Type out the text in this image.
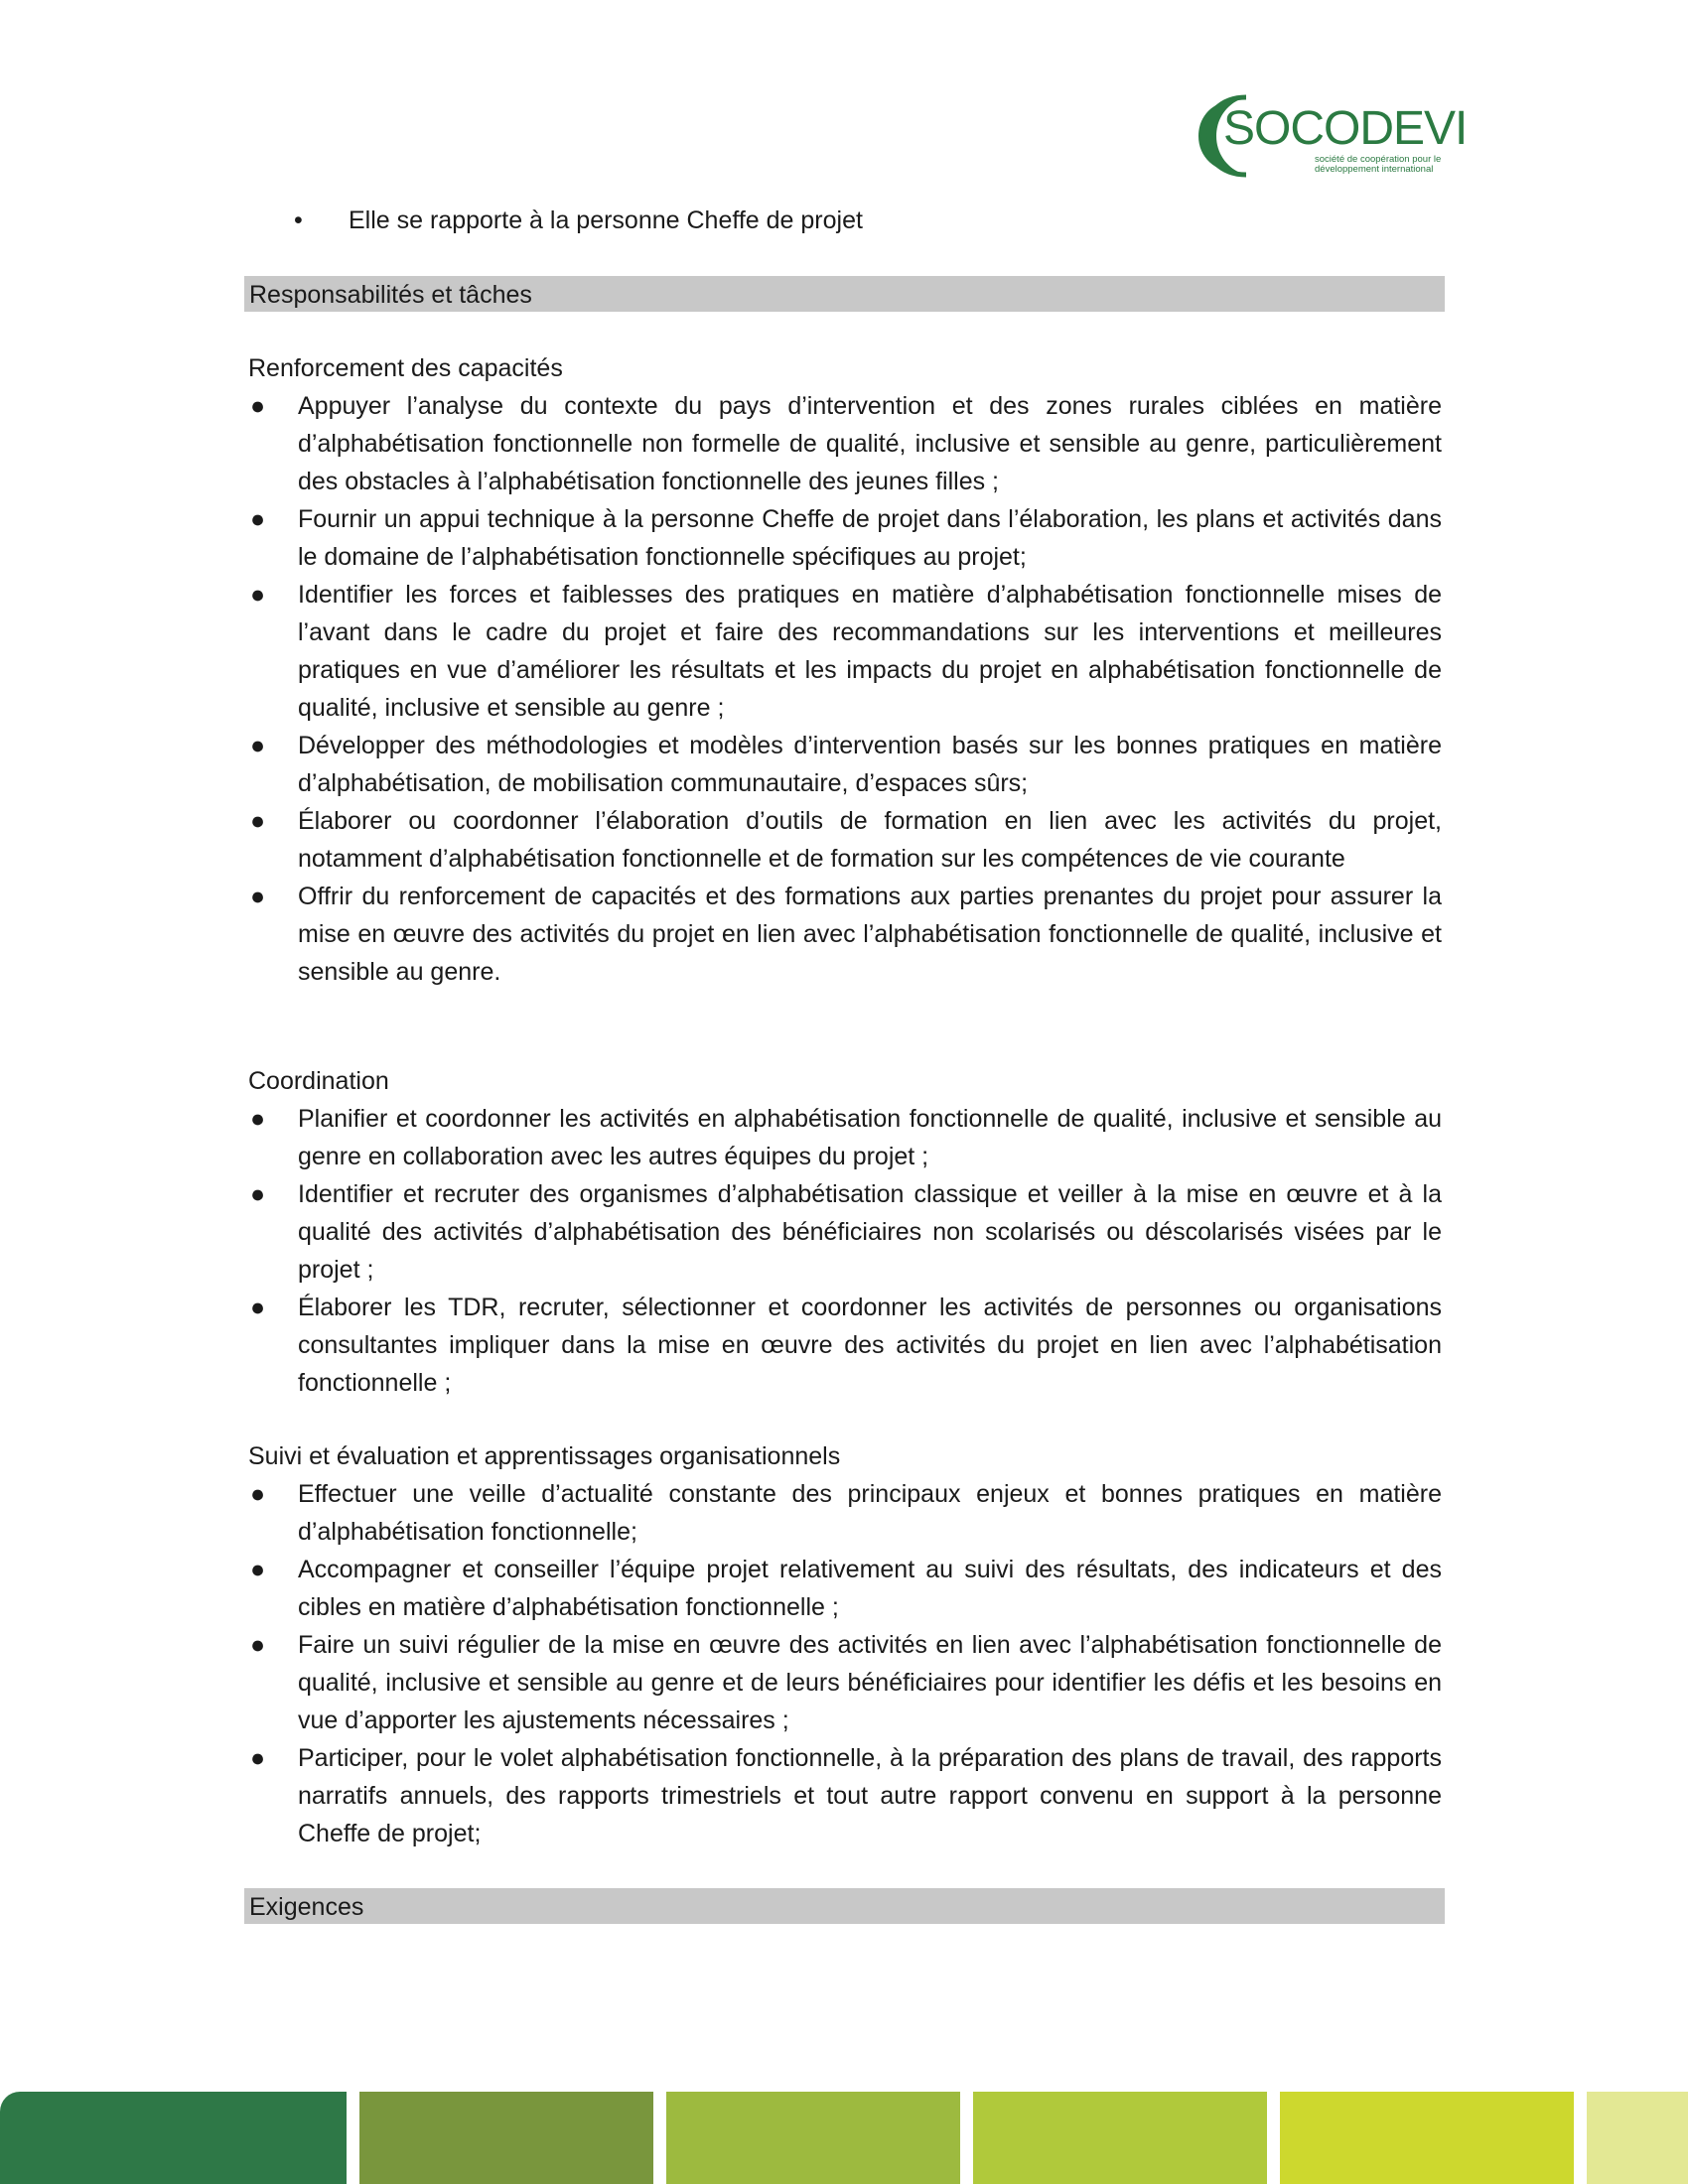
SOCODEVI
société de coopération pour le développement international
• Elle se rapporte à la personne Cheffe de projet
Responsabilités et tâches

Renforcement des capacités

● Appuyer l’analyse du contexte du pays d’intervention et des zones rurales ciblées en matière d’alphabétisation fonctionnelle non formelle de qualité, inclusive et sensible au genre, particulièrement des obstacles à l’alphabétisation fonctionnelle des jeunes filles ;
● Fournir un appui technique à la personne Cheffe de projet dans l’élaboration, les plans et activités dans le domaine de l’alphabétisation fonctionnelle spécifiques au projet;
● Identifier les forces et faiblesses des pratiques en matière d’alphabétisation fonctionnelle mises de l’avant dans le cadre du projet et faire des recommandations sur les interventions et meilleures pratiques en vue d’améliorer les résultats et les impacts du projet en alphabétisation fonctionnelle de qualité, inclusive et sensible au genre ;
● Développer des méthodologies et modèles d’intervention basés sur les bonnes pratiques en matière d’alphabétisation, de mobilisation communautaire, d’espaces sûrs;
● Élaborer ou coordonner l’élaboration d’outils de formation en lien avec les activités du projet, notamment d’alphabétisation fonctionnelle et de formation sur les compétences de vie courante
● Offrir du renforcement de capacités et des formations aux parties prenantes du projet pour assurer la mise en œuvre des activités du projet en lien avec l’alphabétisation fonctionnelle de qualité, inclusive et sensible au genre.

Coordination

● Planifier et coordonner les activités en alphabétisation fonctionnelle de qualité, inclusive et sensible au genre en collaboration avec les autres équipes du projet ;
● Identifier et recruter des organismes d’alphabétisation classique et veiller à la mise en œuvre et à la qualité des activités d’alphabétisation des bénéficiaires non scolarisés ou déscolarisés visées par le projet ;
● Élaborer les TDR, recruter, sélectionner et coordonner les activités de personnes ou organisations consultantes impliquer dans la mise en œuvre des activités du projet en lien avec l’alphabétisation fonctionnelle ;

Suivi et évaluation et apprentissages organisationnels

● Effectuer une veille d’actualité constante des principaux enjeux et bonnes pratiques en matière d’alphabétisation fonctionnelle;
● Accompagner et conseiller l’équipe projet relativement au suivi des résultats, des indicateurs et des cibles en matière d’alphabétisation fonctionnelle ;
● Faire un suivi régulier de la mise en œuvre des activités en lien avec l’alphabétisation fonctionnelle de qualité, inclusive et sensible au genre et de leurs bénéficiaires pour identifier les défis et les besoins en vue d’apporter les ajustements nécessaires ;
● Participer, pour le volet alphabétisation fonctionnelle, à la préparation des plans de travail, des rapports narratifs annuels, des rapports trimestriels et tout autre rapport convenu en support à la personne Cheffe de projet;
Exigences
